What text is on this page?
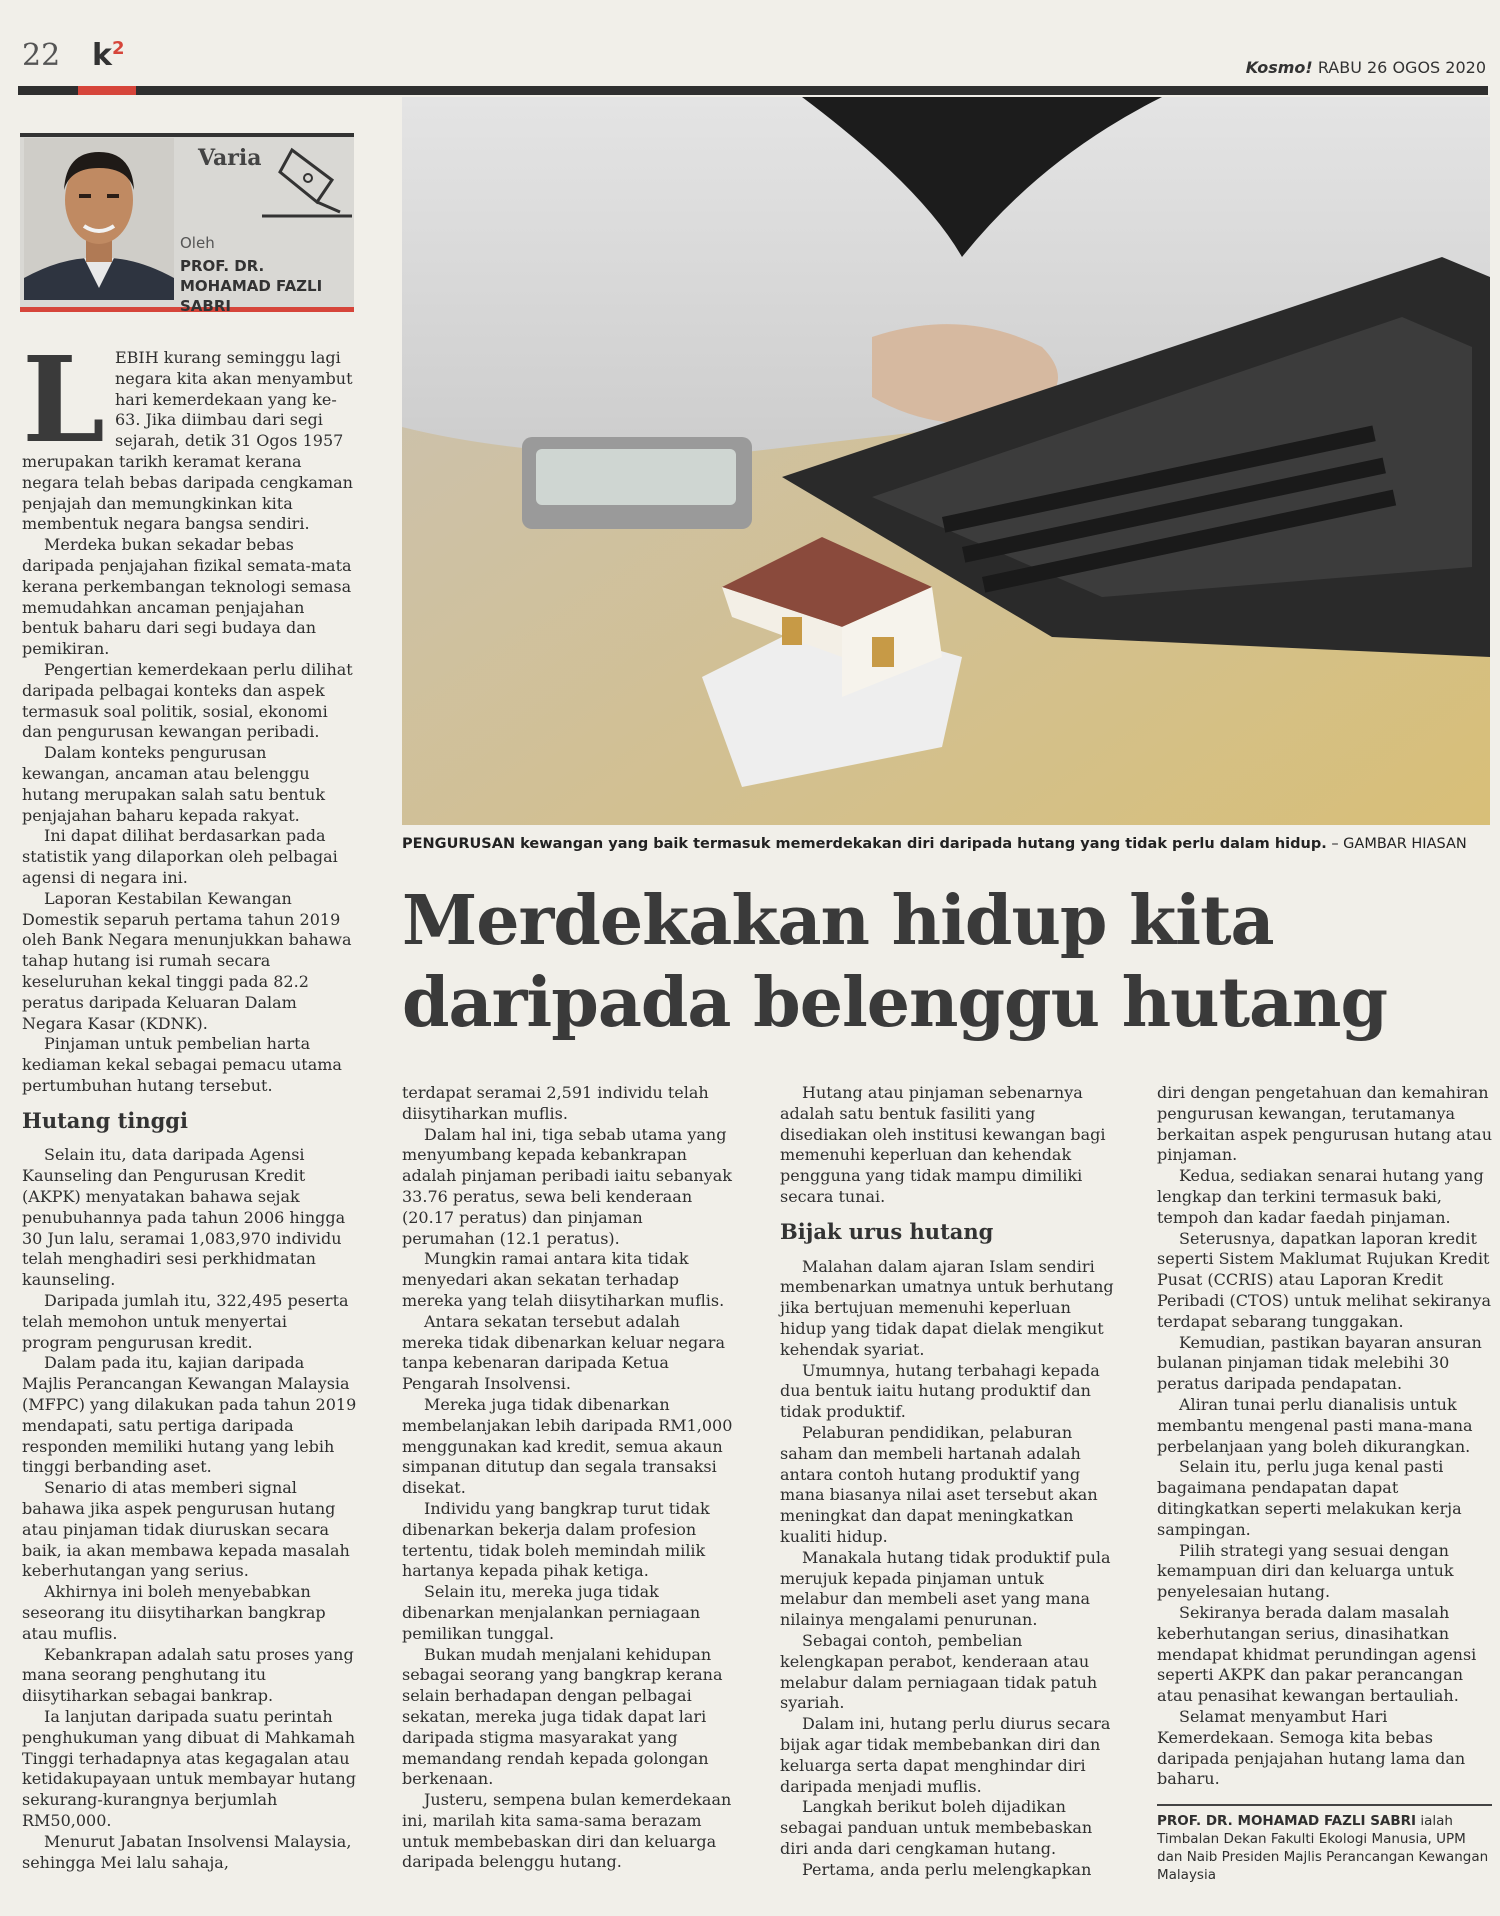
22 $k^2$
Kosmo! RABU 26 OGOS 2020
Varia
Oleh
PROF. DR. MOHAMAD FAZLI SABRI
PENGURUSAN kewangan yang baik termasuk memerdekakan diri daripada hutang yang tidak perlu dalam hidup. – GAMBAR HIASAN
Merdekakan hidup kita daripada belenggu hutang
L EBIH kurang seminggu lagi negara kita akan menyambut hari kemerdekaan yang ke-63. Jika diimbau dari segi sejarah, detik 31 Ogos 1957 merupakan tarikh keramat kerana negara telah bebas daripada cengkaman penjajah dan memungkinkan kita membentuk negara bangsa sendiri.

Merdeka bukan sekadar bebas daripada penjajahan fizikal semata-mata kerana perkembangan teknologi semasa memudahkan ancaman penjajahan bentuk baharu dari segi budaya dan pemikiran.

Pengertian kemerdekaan perlu dilihat daripada pelbagai konteks dan aspek termasuk soal politik, sosial, ekonomi dan pengurusan kewangan peribadi.

Dalam konteks pengurusan kewangan, ancaman atau belenggu hutang merupakan salah satu bentuk penjajahan baharu kepada rakyat.

Ini dapat dilihat berdasarkan pada statistik yang dilaporkan oleh pelbagai agensi di negara ini.

Laporan Kestabilan Kewangan Domestik separuh pertama tahun 2019 oleh Bank Negara menunjukkan bahawa tahap hutang isi rumah secara keseluruhan kekal tinggi pada 82.2 peratus daripada Keluaran Dalam Negara Kasar (KDNK).

Pinjaman untuk pembelian harta kediaman kekal sebagai pemacu utama pertumbuhan hutang tersebut.

Hutang tinggi

Selain itu, data daripada Agensi Kaunseling dan Pengurusan Kredit (AKPK) menyatakan bahawa sejak penubuhannya pada tahun 2006 hingga 30 Jun lalu, seramai 1,083,970 individu telah menghadiri sesi perkhidmatan kaunseling.

Daripada jumlah itu, 322,495 peserta telah memohon untuk menyertai program pengurusan kredit.

Dalam pada itu, kajian daripada Majlis Perancangan Kewangan Malaysia (MFPC) yang dilakukan pada tahun 2019 mendapati, satu pertiga daripada responden memiliki hutang yang lebih tinggi berbanding aset.

Senario di atas memberi signal bahawa jika aspek pengurusan hutang atau pinjaman tidak diuruskan secara baik, ia akan membawa kepada masalah keberhutangan yang serius.

Akhirnya ini boleh menyebabkan seseorang itu diisytiharkan bangkrap atau muflis.

Kebankrapan adalah satu proses yang mana seorang penghutang itu diisytiharkan sebagai bankrap.

Ia lanjutan daripada suatu perintah penghukuman yang dibuat di Mahkamah Tinggi terhadapnya atas kegagalan atau ketidakupayaan untuk membayar hutang sekurang-kurangnya berjumlah RM50,000.

Menurut Jabatan Insolvensi Malaysia, sehingga Mei lalu sahaja,

terdapat seramai 2,591 individu telah diisytiharkan muflis.

Dalam hal ini, tiga sebab utama yang menyumbang kepada kebankrapan adalah pinjaman peribadi iaitu sebanyak 33.76 peratus, sewa beli kenderaan (20.17 peratus) dan pinjaman perumahan (12.1 peratus).

Mungkin ramai antara kita tidak menyedari akan sekatan terhadap mereka yang telah diisytiharkan muflis.

Antara sekatan tersebut adalah mereka tidak dibenarkan keluar negara tanpa kebenaran daripada Ketua Pengarah Insolvensi.

Mereka juga tidak dibenarkan membelanjakan lebih daripada RM1,000 menggunakan kad kredit, semua akaun simpanan ditutup dan segala transaksi disekat.

Individu yang bangkrap turut tidak dibenarkan bekerja dalam profesion tertentu, tidak boleh memindah milik hartanya kepada pihak ketiga.

Selain itu, mereka juga tidak dibenarkan menjalankan perniagaan pemilikan tunggal.

Bukan mudah menjalani kehidupan sebagai seorang yang bangkrap kerana selain berhadapan dengan pelbagai sekatan, mereka juga tidak dapat lari daripada stigma masyarakat yang memandang rendah kepada golongan berkenaan.

Justeru, sempena bulan kemerdekaan ini, marilah kita sama-sama berazam untuk membebaskan diri dan keluarga daripada belenggu hutang.

Hutang atau pinjaman sebenarnya adalah satu bentuk fasiliti yang disediakan oleh institusi kewangan bagi memenuhi keperluan dan kehendak pengguna yang tidak mampu dimiliki secara tunai.

Bijak urus hutang

Malahan dalam ajaran Islam sendiri membenarkan umatnya untuk berhutang jika bertujuan memenuhi keperluan hidup yang tidak dapat dielak mengikut kehendak syariat.

Umumnya, hutang terbahagi kepada dua bentuk iaitu hutang produktif dan tidak produktif.

Pelaburan pendidikan, pelaburan saham dan membeli hartanah adalah antara contoh hutang produktif yang mana biasanya nilai aset tersebut akan meningkat dan dapat meningkatkan kualiti hidup.

Manakala hutang tidak produktif pula merujuk kepada pinjaman untuk melabur dan membeli aset yang mana nilainya mengalami penurunan.

Sebagai contoh, pembelian kelengkapan perabot, kenderaan atau melabur dalam perniagaan tidak patuh syariah.

Dalam ini, hutang perlu diurus secara bijak agar tidak membebankan diri dan keluarga serta dapat menghindar diri daripada menjadi muflis.

Langkah berikut boleh dijadikan sebagai panduan untuk membebaskan diri anda dari cengkaman hutang.

Pertama, anda perlu melengkapkan

diri dengan pengetahuan dan kemahiran pengurusan kewangan, terutamanya berkaitan aspek pengurusan hutang atau pinjaman.

Kedua, sediakan senarai hutang yang lengkap dan terkini termasuk baki, tempoh dan kadar faedah pinjaman.

Seterusnya, dapatkan laporan kredit seperti Sistem Maklumat Rujukan Kredit Pusat (CCRIS) atau Laporan Kredit Peribadi (CTOS) untuk melihat sekiranya terdapat sebarang tunggakan.

Kemudian, pastikan bayaran ansuran bulanan pinjaman tidak melebihi 30 peratus daripada pendapatan.

Aliran tunai perlu dianalisis untuk membantu mengenal pasti mana-mana perbelanjaan yang boleh dikurangkan.

Selain itu, perlu juga kenal pasti bagaimana pendapatan dapat ditingkatkan seperti melakukan kerja sampingan.

Pilih strategi yang sesuai dengan kemampuan diri dan keluarga untuk penyelesaian hutang.

Sekiranya berada dalam masalah keberhutangan serius, dinasihatkan mendapat khidmat perundingan agensi seperti AKPK dan pakar perancangan atau penasihat kewangan bertauliah.

Selamat menyambut Hari Kemerdekaan. Semoga kita bebas daripada penjajahan hutang lama dan baharu.

PROF. DR. MOHAMAD FAZLI SABRI ialah Timbalan Dekan Fakulti Ekologi Manusia, UPM dan Naib Presiden Majlis Perancangan Kewangan Malaysia
